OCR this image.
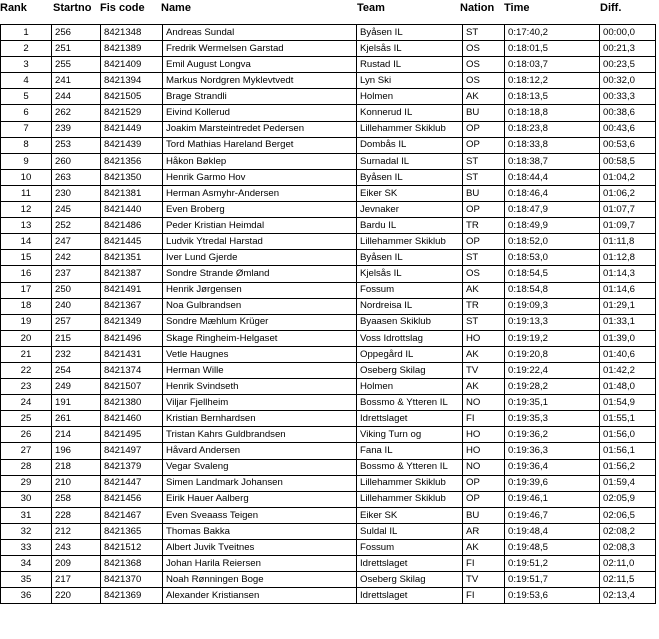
Rank Startno Fis code Name	Team	Nation Time	Diff.
1	256	8421348	Andreas Sundal	Byåsen IL	ST	0:17:40,2	00:00,0
2	251	8421389	Fredrik Wermelsen Garstad	Kjelsås IL	OS	0:18:01,5	00:21,3
3	255	8421409	Emil August Longva	Rustad IL	OS	0:18:03,7	00:23,5
4	241	8421394	Markus Nordgren Myklevtvedt	Lyn Ski	OS	0:18:12,2	00:32,0
5	244	8421505	Brage Strandli	Holmen	AK	0:18:13,5	00:33,3
6	262	8421529	Eivind Kollerud	Konnerud IL	BU	0:18:18,8	00:38,6
7	239	8421449	Joakim Marsteintredet Pedersen	Lillehammer Skiklub	OP	0:18:23,8	00:43,6
8	253	8421439	Tord Mathias Hareland Berget	Dombås IL	OP	0:18:33,8	00:53,6
9	260	8421356	Håkon Bøklep	Surnadal IL	ST	0:18:38,7	00:58,5
10	263	8421350	Henrik Garmo Hov	Byåsen IL	ST	0:18:44,4	01:04,2
11	230	8421381	Herman Asmyhr-Andersen	Eiker SK	BU	0:18:46,4	01:06,2
12	245	8421440	Even Broberg	Jevnaker	OP	0:18:47,9	01:07,7
13	252	8421486	Peder Kristian Heimdal	Bardu IL	TR	0:18:49,9	01:09,7
14	247	8421445	Ludvik Ytredal Harstad	Lillehammer Skiklub	OP	0:18:52,0	01:11,8
15	242	8421351	Iver Lund Gjerde	Byåsen IL	ST	0:18:53,0	01:12,8
16	237	8421387	Sondre Strande Ømland	Kjelsås IL	OS	0:18:54,5	01:14,3
17	250	8421491	Henrik Jørgensen	Fossum	AK	0:18:54,8	01:14,6
18	240	8421367	Noa Gulbrandsen	Nordreisa IL	TR	0:19:09,3	01:29,1
19	257	8421349	Sondre Mæhlum Krüger	Byaasen Skiklub	ST	0:19:13,3	01:33,1
20	215	8421496	Skage Ringheim-Helgaset	Voss Idrottslag	HO	0:19:19,2	01:39,0
21	232	8421431	Vetle Haugnes	Oppegård IL	AK	0:19:20,8	01:40,6
22	254	8421374	Herman Wille	Oseberg Skilag	TV	0:19:22,4	01:42,2
23	249	8421507	Henrik Svindseth	Holmen	AK	0:19:28,2	01:48,0
24	191	8421380	Viljar Fjellheim	Bossmo & Ytteren IL	NO	0:19:35,1	01:54,9
25	261	8421460	Kristian Bernhardsen	Idrettslaget	FI	0:19:35,3	01:55,1
26	214	8421495	Tristan Kahrs Guldbrandsen	Viking Turn og	HO	0:19:36,2	01:56,0
27	196	8421497	Håvard Andersen	Fana IL	HO	0:19:36,3	01:56,1
28	218	8421379	Vegar Svaleng	Bossmo & Ytteren IL	NO	0:19:36,4	01:56,2
29	210	8421447	Simen Landmark Johansen	Lillehammer Skiklub	OP	0:19:39,6	01:59,4
30	258	8421456	Eirik Hauer Aalberg	Lillehammer Skiklub	OP	0:19:46,1	02:05,9
31	228	8421467	Even Sveaass Teigen	Eiker SK	BU	0:19:46,7	02:06,5
32	212	8421365	Thomas Bakka	Suldal IL	AR	0:19:48,4	02:08,2
33	243	8421512	Albert Juvik Tveitnes	Fossum	AK	0:19:48,5	02:08,3
34	209	8421368	Johan Harila Reiersen	Idrettslaget	FI	0:19:51,2	02:11,0
35	217	8421370	Noah Rønningen Boge	Oseberg Skilag	TV	0:19:51,7	02:11,5
36	220	8421369	Alexander Kristiansen	Idrettslaget	FI	0:19:53,6	02:13,4
